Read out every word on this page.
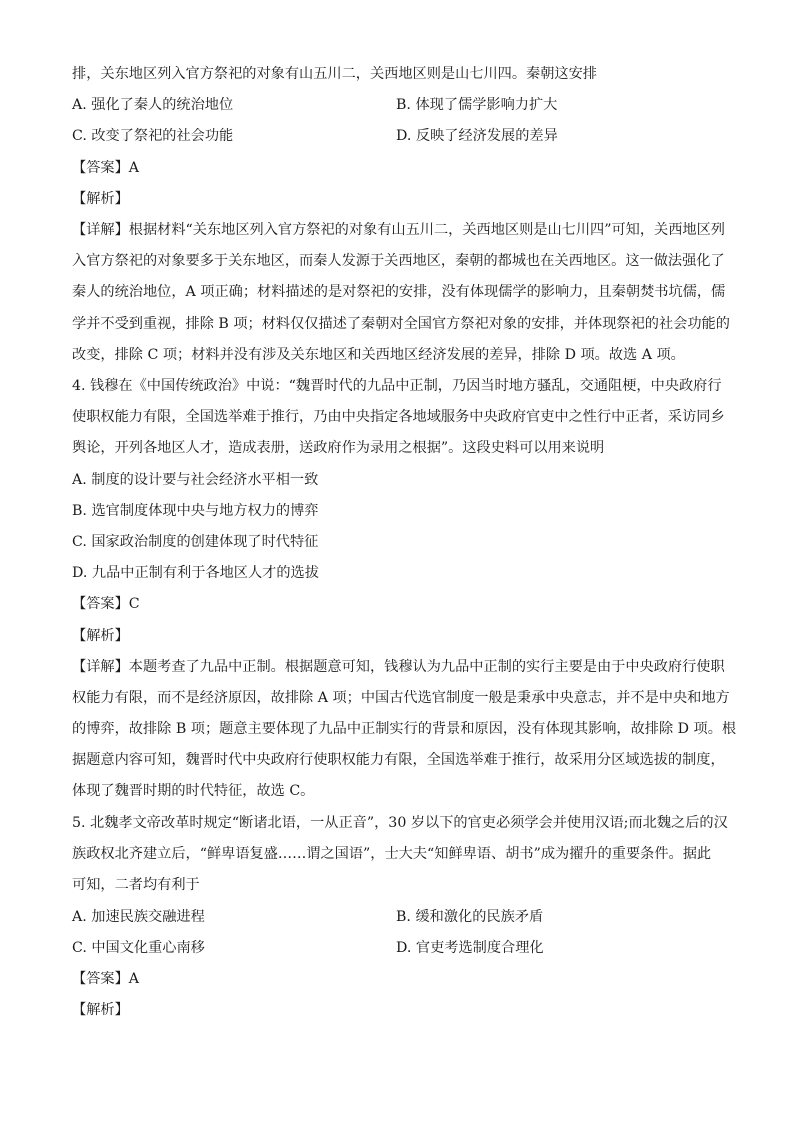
排，关东地区列入官方祭祀的对象有山五川二，关西地区则是山七川四。秦朝这安排
A. 强化了秦人的统治地位	B. 体现了儒学影响力扩大
C. 改变了祭祀的社会功能	D. 反映了经济发展的差异
【答案】A
【解析】
【详解】根据材料“关东地区列入官方祭祀的对象有山五川二，关西地区则是山七川四”可知，关西地区列
入官方祭祀的对象要多于关东地区，而秦人发源于关西地区，秦朝的都城也在关西地区。这一做法强化了
秦人的统治地位，A 项正确；材料描述的是对祭祀的安排，没有体现儒学的影响力，且秦朝焚书坑儒，儒
学并不受到重视，排除 B 项；材料仅仅描述了秦朝对全国官方祭祀对象的安排，并体现祭祀的社会功能的
改变，排除 C 项；材料并没有涉及关东地区和关西地区经济发展的差异，排除 D 项。故选 A 项。
4. 钱穆在《中国传统政治》中说：“魏晋时代的九品中正制，乃因当时地方骚乱，交通阻梗，中央政府行
使职权能力有限，全国选举难于推行，乃由中央指定各地域服务中央政府官吏中之性行中正者，采访同乡
舆论，开列各地区人才，造成表册，送政府作为录用之根据”。这段史料可以用来说明
A. 制度的设计要与社会经济水平相一致
B. 选官制度体现中央与地方权力的博弈
C. 国家政治制度的创建体现了时代特征
D. 九品中正制有利于各地区人才的选拔
【答案】C
【解析】
【详解】本题考查了九品中正制。根据题意可知，钱穆认为九品中正制的实行主要是由于中央政府行使职
权能力有限，而不是经济原因，故排除 A 项；中国古代选官制度一般是秉承中央意志，并不是中央和地方
的博弈，故排除 B 项；题意主要体现了九品中正制实行的背景和原因，没有体现其影响，故排除 D 项。根
据题意内容可知，魏晋时代中央政府行使职权能力有限，全国选举难于推行，故采用分区域选拔的制度，
体现了魏晋时期的时代特征，故选 C。
5. 北魏孝文帝改革时规定“断诸北语，一从正音”，30 岁以下的官吏必须学会并使用汉语;而北魏之后的汉
族政权北齐建立后，“鲜卑语复盛……谓之国语”，士大夫“知鲜卑语、胡书”成为擢升的重要条件。据此
可知，二者均有利于
A. 加速民族交融进程	B. 缓和激化的民族矛盾
C. 中国文化重心南移	D. 官吏考选制度合理化
【答案】A
【解析】
